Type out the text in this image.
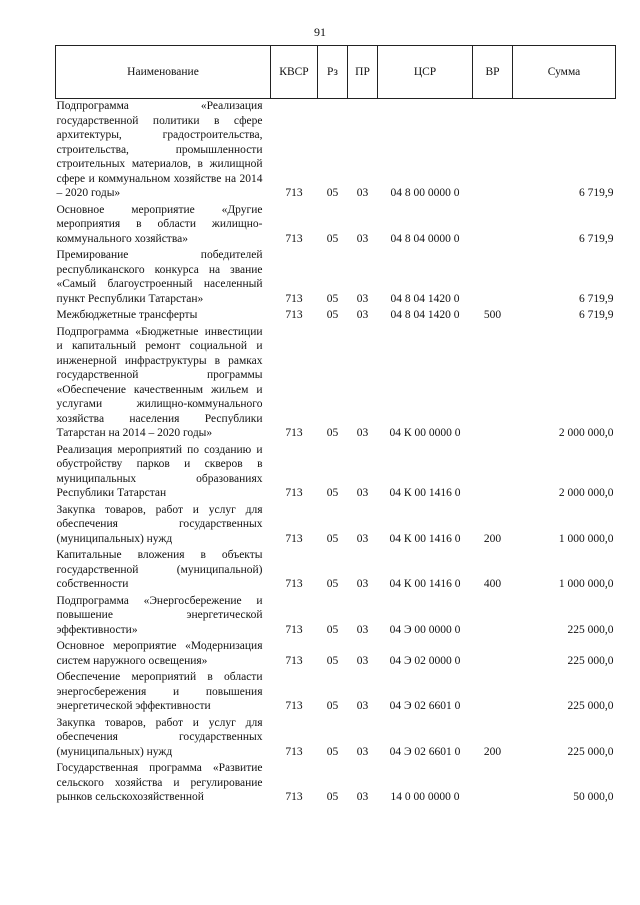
91
Наименование	КВСР	Рз	ПР	ЦСР	ВР	Сумма
Подпрограмма «Реализация государственной политики в сфере архитектуры, градостроительства, строительства, промышленности строительных материалов, в жилищной сфере и коммунальном хозяйстве на 2014 – 2020 годы»	713	05	03	04 8 00 0000 0		6 719,9
Основное мероприятие «Другие мероприятия в области жилищно-коммунального хозяйства»	713	05	03	04 8 04 0000 0		6 719,9
Премирование победителей республиканского конкурса на звание «Самый благоустроенный населенный пункт Республики Татарстан»	713	05	03	04 8 04 1420 0		6 719,9
Межбюджетные трансферты	713	05	03	04 8 04 1420 0	500	6 719,9
Подпрограмма «Бюджетные инвестиции и капитальный ремонт социальной и инженерной инфраструктуры в рамках государственной программы «Обеспечение качественным жильем и услугами жилищно-коммунального хозяйства населения Республики Татарстан на 2014 – 2020 годы»	713	05	03	04 К 00 0000 0		2 000 000,0
Реализация мероприятий по созданию и обустройству парков и скверов в муниципальных образованиях Республики Татарстан	713	05	03	04 К 00 1416 0		2 000 000,0
Закупка товаров, работ и услуг для обеспечения государственных (муниципальных) нужд	713	05	03	04 К 00 1416 0	200	1 000 000,0
Капитальные вложения в объекты государственной (муниципальной) собственности	713	05	03	04 К 00 1416 0	400	1 000 000,0
Подпрограмма «Энергосбережение и повышение энергетической эффективности»	713	05	03	04 Э 00 0000 0		225 000,0
Основное мероприятие «Модернизация систем наружного освещения»	713	05	03	04 Э 02 0000 0		225 000,0
Обеспечение мероприятий в области энергосбережения и повышения энергетической эффективности	713	05	03	04 Э 02 6601 0		225 000,0
Закупка товаров, работ и услуг для обеспечения государственных (муниципальных) нужд	713	05	03	04 Э 02 6601 0	200	225 000,0
Государственная программа «Развитие сельского хозяйства и регулирование рынков сельскохозяйственной	713	05	03	14 0 00 0000 0		50 000,0
